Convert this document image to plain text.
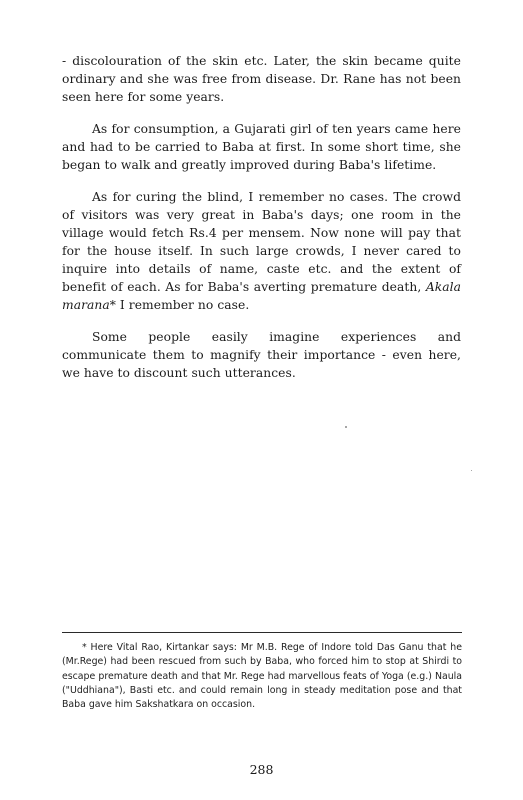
- discolouration of the skin etc. Later, the skin became quite ordinary and she was free from disease. Dr. Rane has not been seen here for some years.

As for consumption, a Gujarati girl of ten years came here and had to be carried to Baba at first. In some short time, she began to walk and greatly improved during Baba's lifetime.

As for curing the blind, I remember no cases. The crowd of visitors was very great in Baba's days; one room in the village would fetch Rs.4 per mensem. Now none will pay that for the house itself. In such large crowds, I never cared to inquire into details of name, caste etc. and the extent of benefit of each. As for Baba's averting premature death, Akala marana* I remember no case.

Some people easily imagine experiences and communicate them to magnify their importance - even here, we have to discount such utterances.

* Here Vital Rao, Kirtankar says: Mr M.B. Rege of Indore told Das Ganu that he (Mr.Rege) had been rescued from such by Baba, who forced him to stop at Shirdi to escape premature death and that Mr. Rege had marvellous feats of Yoga (e.g.) Naula ("Uddhiana"), Basti etc. and could remain long in steady meditation pose and that Baba gave him Sakshatkara on occasion.

288
